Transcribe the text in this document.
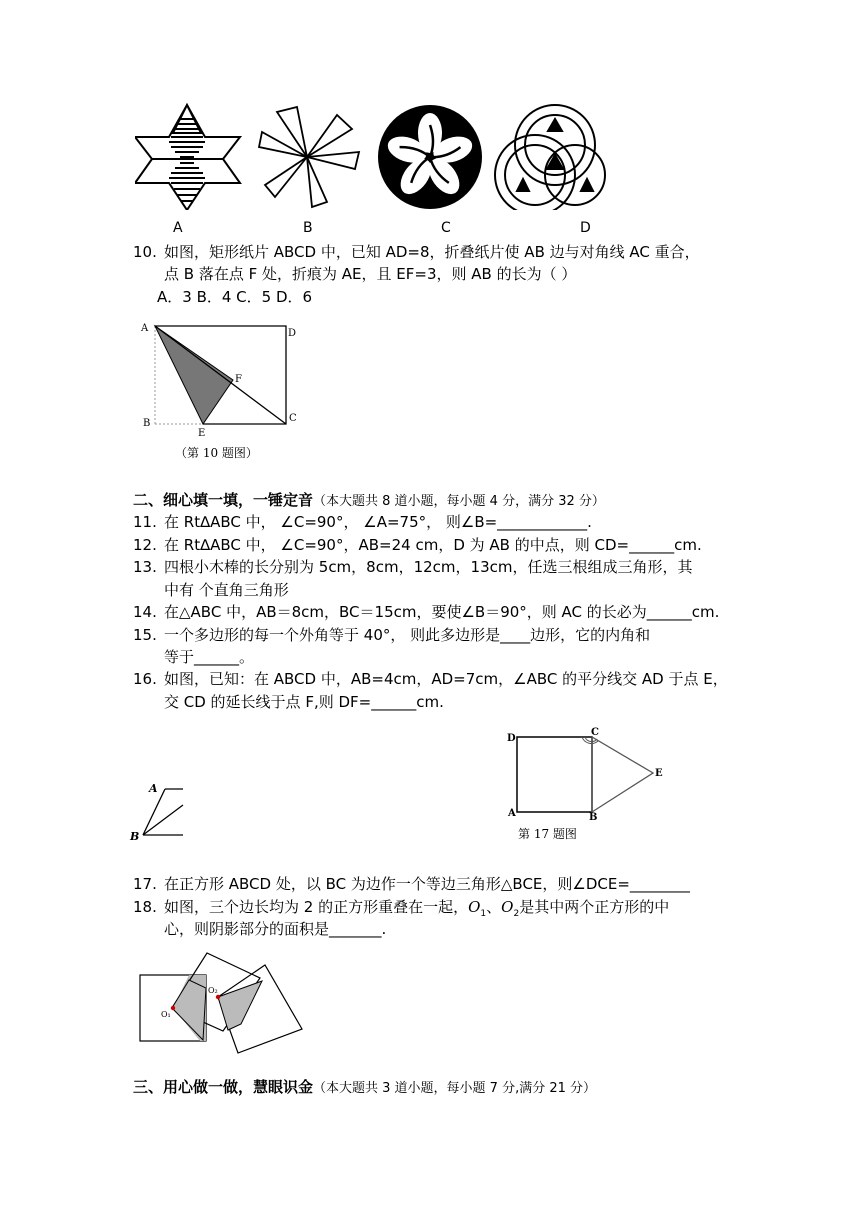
A	B	C	D
10. 如图，矩形纸片 ABCD 中，已知 AD=8，折叠纸片使 AB 边与对角线 AC 重合，
点 B 落在点 F 处，折痕为 AE，且 EF=3，则 AB 的长为（ ）
A．3 B．4 C．5 D．6
A	D
F
B
E
C
（第 10 题图）
二、细心填一填，一锤定音（本大题共 8 道小题，每小题 4 分，满分 32 分）
11. 在 Rt∆ABC 中， ∠C=90°， ∠A=75°， 则∠B=____________.
12. 在 Rt∆ABC 中， ∠C=90°，AB=24 cm，D 为 AB 的中点，则 CD=______cm.
13. 四根小木棒的长分别为 5cm，8cm，12cm，13cm，任选三根组成三角形，其
中有 个直角三角形
14. 在△ABC 中，AB＝8cm，BC＝15cm，要使∠B＝90°，则 AC 的长必为______cm.
15. 一个多边形的每一个外角等于 40°， 则此多边形是____边形，它的内角和
等于______。
16. 如图，已知：在 ABCD 中，AB=4cm，AD=7cm，∠ABC 的平分线交 AD 于点 E，
交 CD 的延长线于点 F,则 DF=______cm.
A
B
D
C
E
A	B
第 17 题图
17. 在正方形 ABCD 处，以 BC 为边作一个等边三角形△BCE，则∠DCE=________
18. 如图，三个边长均为 2 的正方形重叠在一起，$O_1$、$O_2$是其中两个正方形的中
心，则阴影部分的面积是_______.
O₁
O₂
三、用心做一做，慧眼识金（本大题共 3 道小题，每小题 7 分,满分 21 分）
